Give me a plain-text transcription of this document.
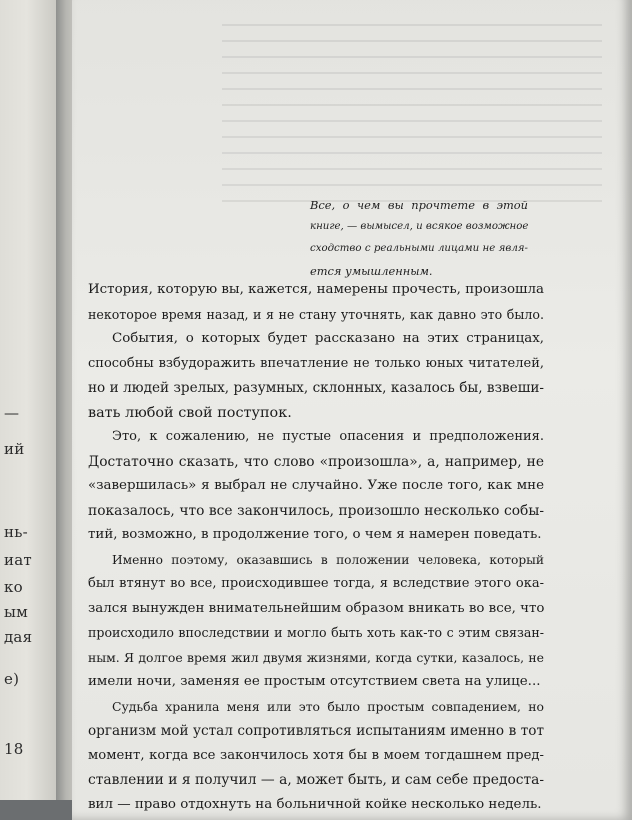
—
ий
нь-
иат
ко
ым
дая
е)
18
Все, о чем вы прочтете в этой
книге, — вымысел, и всякое возможное
сходство с реальными лицами не явля-
ется умышленным.
История, которую вы, кажется, намерены прочесть, произошла
некоторое время назад, и я не стану уточнять, как давно это было.
События, о которых будет рассказано на этих страницах,
способны взбудоражить впечатление не только юных читателей,
но и людей зрелых, разумных, склонных, казалось бы, взвеши-
вать любой свой поступок.
Это, к сожалению, не пустые опасения и предположения.
Достаточно сказать, что слово «произошла», а, например, не
«завершилась» я выбрал не случайно. Уже после того, как мне
показалось, что все закончилось, произошло несколько собы-
тий, возможно, в продолжение того, о чем я намерен поведать.
Именно поэтому, оказавшись в положении человека, который
был втянут во все, происходившее тогда, я вследствие этого ока-
зался вынужден внимательнейшим образом вникать во все, что
происходило впоследствии и могло быть хоть как-то с этим связан-
ным. Я долгое время жил двумя жизнями, когда сутки, казалось, не
имели ночи, заменяя ее простым отсутствием света на улице...
Судьба хранила меня или это было простым совпадением, но
организм мой устал сопротивляться испытаниям именно в тот
момент, когда все закончилось хотя бы в моем тогдашнем пред-
ставлении и я получил — а, может быть, и сам себе предоста-
вил — право отдохнуть на больничной койке несколько недель.
